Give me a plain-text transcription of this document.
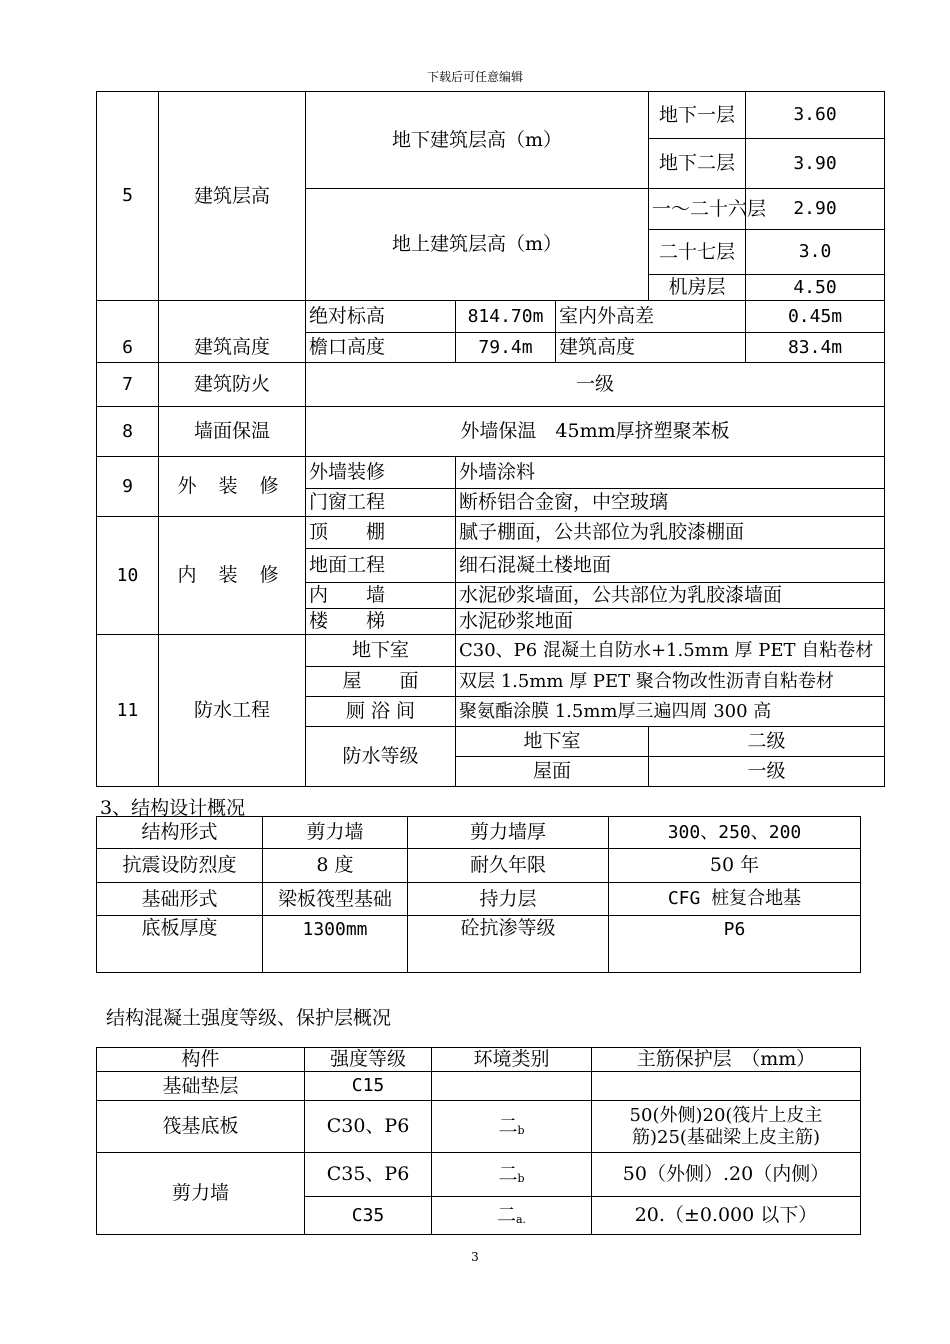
下载后可任意编辑
5	建筑层高	地下建筑层高（m）			地下一层	3.60
					地下二层	3.90
		地上建筑层高（m）			一～二十六层	2.90
					二十七层	3.0
					机房层	4.50
6	建筑高度	绝对标高	814.70m	室内外高差		0.45m
		檐口高度	79.4m	建筑高度		83.4m
7	建筑防火	一级				
8	墙面保温	外墙保温　45mm厚挤塑聚苯板				
9	外 装 修	外墙装修	外墙涂料			
		门窗工程	断桥铝合金窗，中空玻璃			
10	内 装 修	顶　　棚	腻子棚面，公共部位为乳胶漆棚面			
		地面工程	细石混凝土楼地面			
		内　　墙	水泥砂浆墙面，公共部位为乳胶漆墙面			
		楼　　梯	水泥砂浆地面			
11	防水工程	地下室	C30、P6 混凝土自防水+1.5mm 厚 PET 自粘卷材			
		屋　　面	双层 1.5mm 厚 PET 聚合物改性沥青自粘卷材			
		厕 浴 间	聚氨酯涂膜 1.5mm厚三遍四周 300 高			
		防水等级	地下室		二级	
			屋面		一级	
3、结构设计概况
结构形式	剪力墙	剪力墙厚	300、250、200
抗震设防烈度	8 度	耐久年限	50 年
基础形式	梁板筏型基础	持力层	CFG 桩复合地基
底板厚度	1300mm	砼抗渗等级	P6
结构混凝土强度等级、保护层概况
构件	强度等级	环境类别	主筋保护层　（mm）
基础垫层	C15		
筏基底板	C30、P6	二b	50(外侧)20(筏片上皮主筋)25(基础梁上皮主筋)
剪力墙	C35、P6	二b	50（外侧）.20（内侧）
	C35	二a.	20.（±0.000 以下）
3
